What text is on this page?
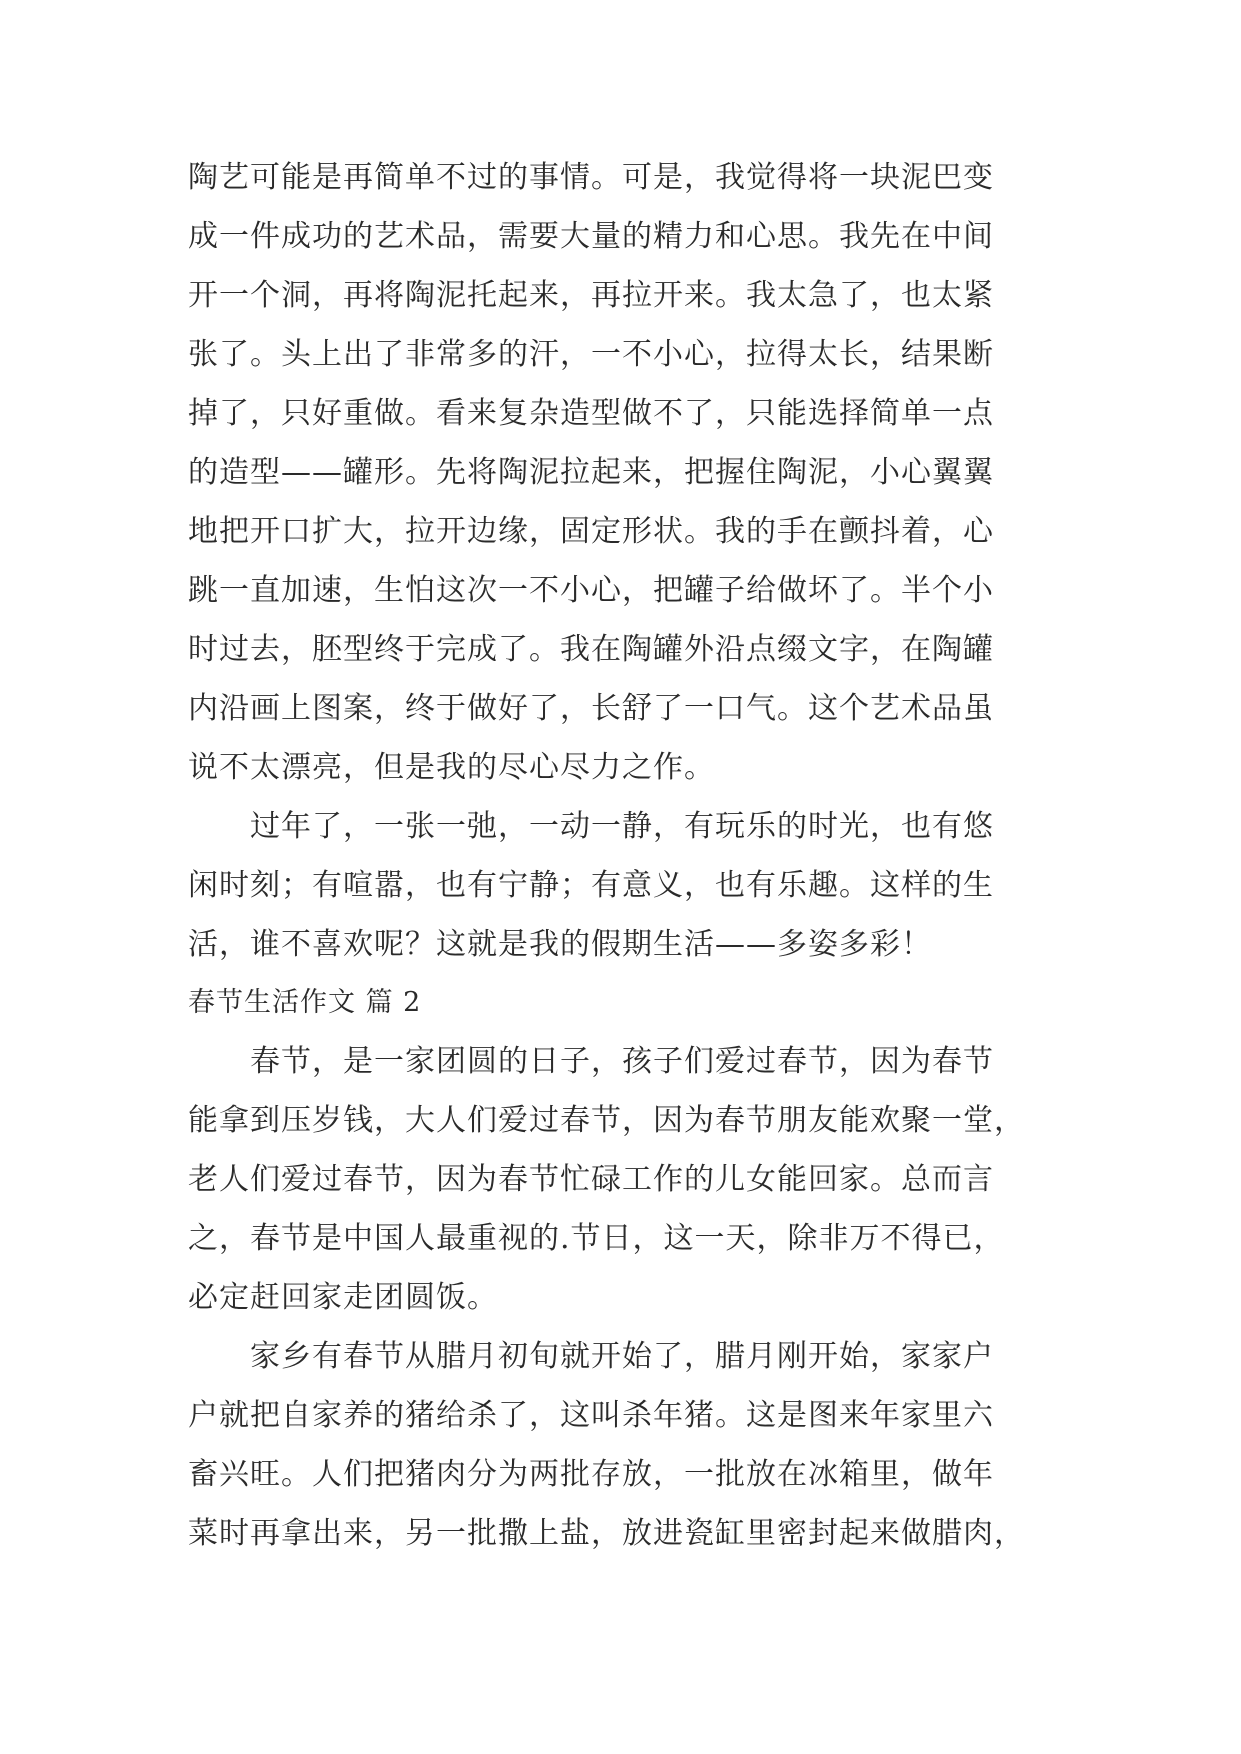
陶艺可能是再简单不过的事情。可是，我觉得将一块泥巴变
成一件成功的艺术品，需要大量的精力和心思。我先在中间
开一个洞，再将陶泥托起来，再拉开来。我太急了，也太紧
张了。头上出了非常多的汗，一不小心，拉得太长，结果断
掉了，只好重做。看来复杂造型做不了，只能选择简单一点
的造型——罐形。先将陶泥拉起来，把握住陶泥，小心翼翼
地把开口扩大，拉开边缘，固定形状。我的手在颤抖着，心
跳一直加速，生怕这次一不小心，把罐子给做坏了。半个小
时过去，胚型终于完成了。我在陶罐外沿点缀文字，在陶罐
内沿画上图案，终于做好了，长舒了一口气。这个艺术品虽
说不太漂亮，但是我的尽心尽力之作。
　　过年了，一张一弛，一动一静，有玩乐的时光，也有悠
闲时刻；有喧嚣，也有宁静；有意义，也有乐趣。这样的生
活，谁不喜欢呢？这就是我的假期生活——多姿多彩！
春节生活作文 篇 2
　　春节，是一家团圆的日子，孩子们爱过春节，因为春节
能拿到压岁钱，大人们爱过春节，因为春节朋友能欢聚一堂，
老人们爱过春节，因为春节忙碌工作的儿女能回家。总而言
之，春节是中国人最重视的.节日，这一天，除非万不得已，
必定赶回家走团圆饭。
　　家乡有春节从腊月初旬就开始了，腊月刚开始，家家户
户就把自家养的猪给杀了，这叫杀年猪。这是图来年家里六
畜兴旺。人们把猪肉分为两批存放，一批放在冰箱里，做年
菜时再拿出来，另一批撒上盐，放进瓷缸里密封起来做腊肉，
